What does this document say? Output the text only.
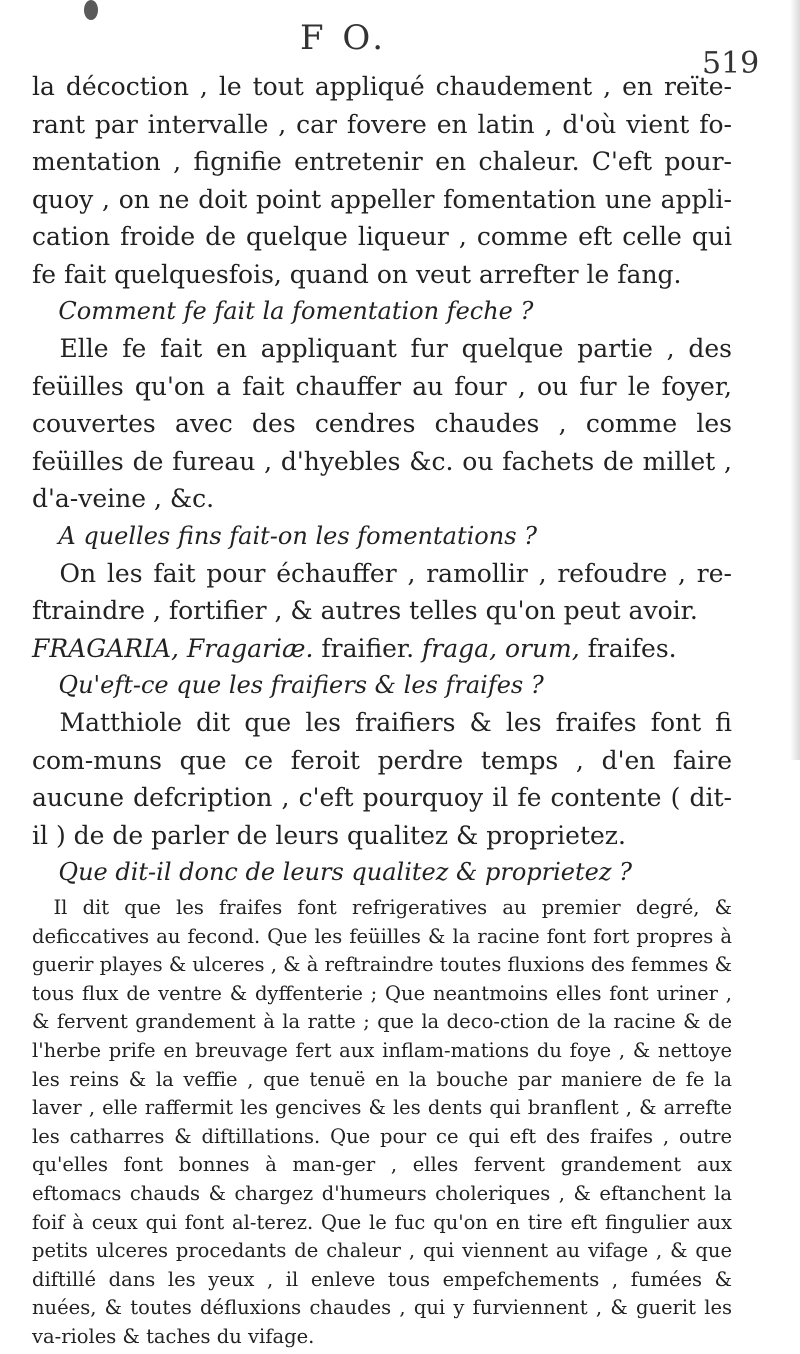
F O.
519

la décoction , le tout appliqué chaudement , en reïte-rant par intervalle , car fovere en latin , d'où vient fo-mentation , fignifie entretenir en chaleur. C'eft pour-quoy , on ne doit point appeller fomentation une appli-cation froide de quelque liqueur , comme eft celle qui fe fait quelquesfois, quand on veut arrefter le fang.

Comment fe fait la fomentation feche ?

Elle fe fait en appliquant fur quelque partie , des feüilles qu'on a fait chauffer au four , ou fur le foyer, couvertes avec des cendres chaudes , comme les feüilles de fureau , d'hyebles &c. ou fachets de millet , d'a-veine , &c.

A quelles fins fait-on les fomentations ?

On les fait pour échauffer , ramollir , refoudre , re-ftraindre , fortifier , & autres telles qu'on peut avoir.

FRAGARIA, Fragariæ. fraifier. fraga, orum, fraifes.

Qu'eft-ce que les fraifiers & les fraifes ?

Matthiole dit que les fraifiers & les fraifes font fi com-muns que ce feroit perdre temps , d'en faire aucune defcription , c'eft pourquoy il fe contente ( dit-il ) de de parler de leurs qualitez & proprietez.

Que dit-il donc de leurs qualitez & proprietez ?

Il dit que les fraifes font refrigeratives au premier degré, & deficcatives au fecond. Que les feüilles & la racine font fort propres à guerir playes & ulceres , & à reftraindre toutes fluxions des femmes & tous flux de ventre & dyffenterie ; Que neantmoins elles font uriner , & fervent grandement à la ratte ; que la deco-ction de la racine & de l'herbe prife en breuvage fert aux inflam-mations du foye , & nettoye les reins & la veffie , que tenuë en la bouche par maniere de fe la laver , elle raffermit les gencives & les dents qui branflent , & arrefte les catharres & diftillations. Que pour ce qui eft des fraifes , outre qu'elles font bonnes à man-ger , elles fervent grandement aux eftomacs chauds & chargez d'humeurs choleriques , & eftanchent la foif à ceux qui font al-terez. Que le fuc qu'on en tire eft fingulier aux petits ulceres procedants de chaleur , qui viennent au vifage , & que diftillé dans les yeux , il enleve tous empefchements , fumées & nuées, & toutes défluxions chaudes , qui y furviennent , & guerit les va-rioles & taches du vifage.
